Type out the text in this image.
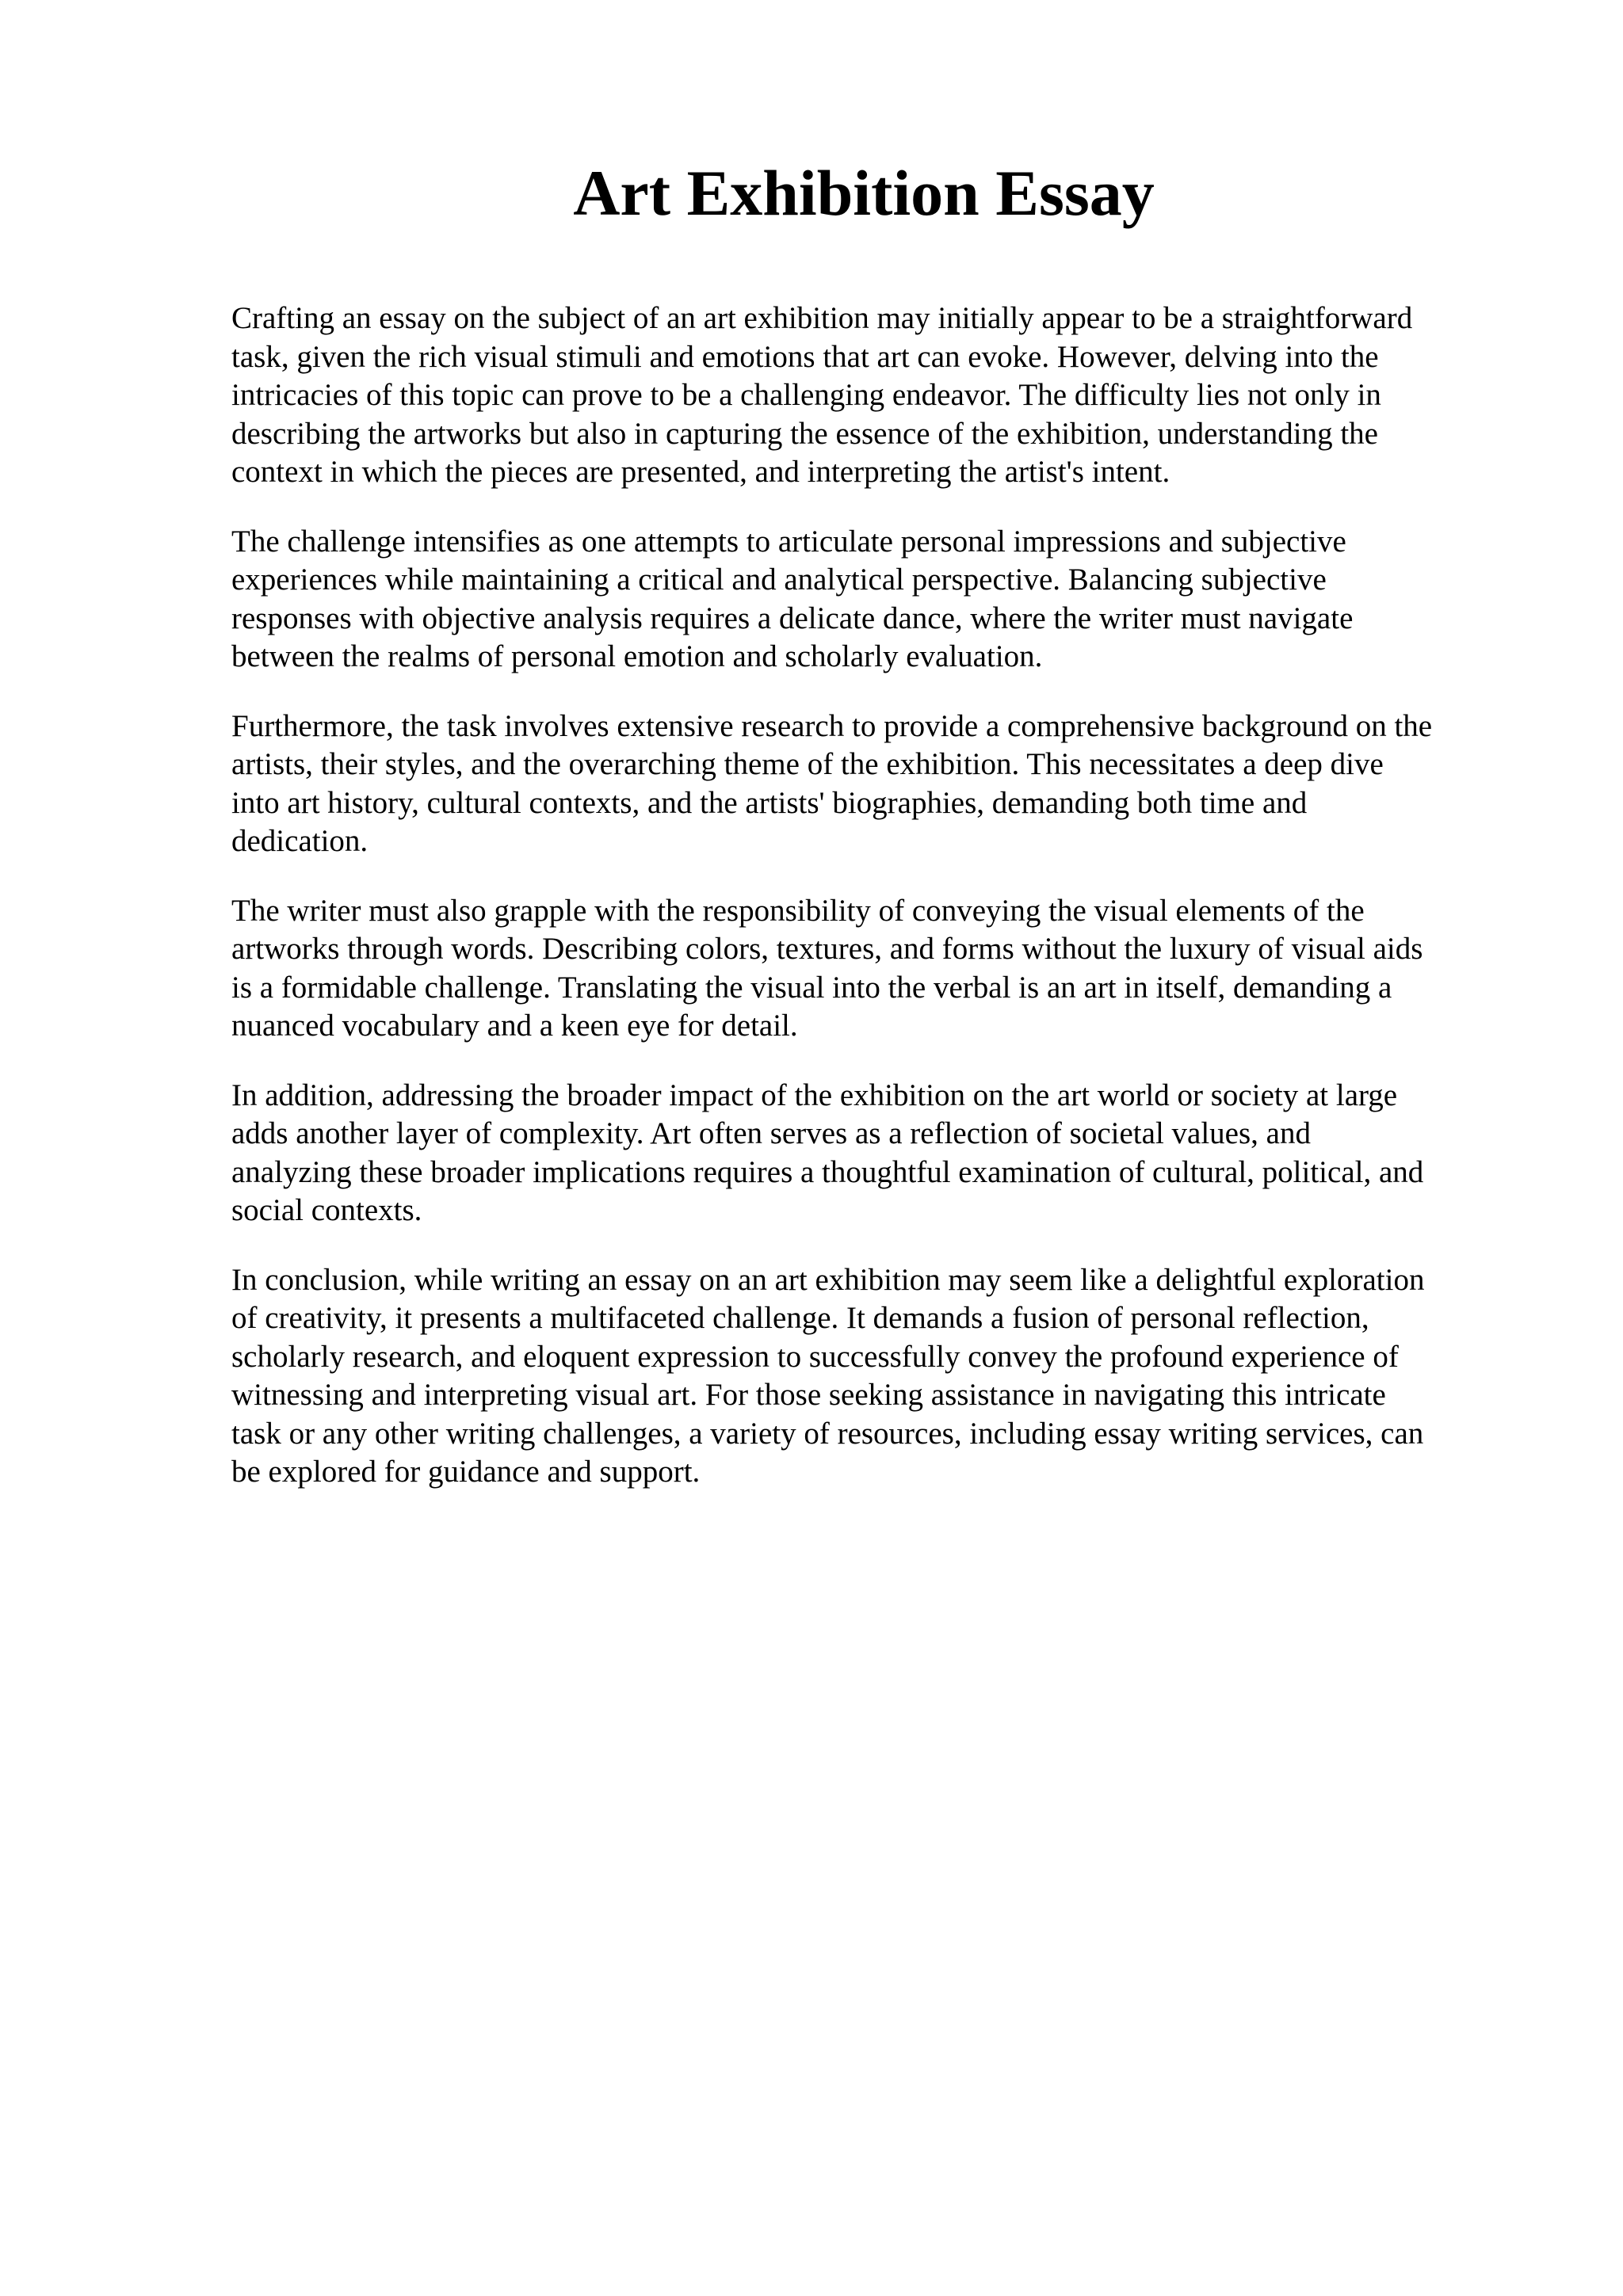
Art Exhibition Essay

Crafting an essay on the subject of an art exhibition may initially appear to be a straightforward
task, given the rich visual stimuli and emotions that art can evoke. However, delving into the
intricacies of this topic can prove to be a challenging endeavor. The difficulty lies not only in
describing the artworks but also in capturing the essence of the exhibition, understanding the
context in which the pieces are presented, and interpreting the artist's intent.

The challenge intensifies as one attempts to articulate personal impressions and subjective
experiences while maintaining a critical and analytical perspective. Balancing subjective
responses with objective analysis requires a delicate dance, where the writer must navigate
between the realms of personal emotion and scholarly evaluation.

Furthermore, the task involves extensive research to provide a comprehensive background on the
artists, their styles, and the overarching theme of the exhibition. This necessitates a deep dive
into art history, cultural contexts, and the artists' biographies, demanding both time and
dedication.

The writer must also grapple with the responsibility of conveying the visual elements of the
artworks through words. Describing colors, textures, and forms without the luxury of visual aids
is a formidable challenge. Translating the visual into the verbal is an art in itself, demanding a
nuanced vocabulary and a keen eye for detail.

In addition, addressing the broader impact of the exhibition on the art world or society at large
adds another layer of complexity. Art often serves as a reflection of societal values, and
analyzing these broader implications requires a thoughtful examination of cultural, political, and
social contexts.

In conclusion, while writing an essay on an art exhibition may seem like a delightful exploration
of creativity, it presents a multifaceted challenge. It demands a fusion of personal reflection,
scholarly research, and eloquent expression to successfully convey the profound experience of
witnessing and interpreting visual art. For those seeking assistance in navigating this intricate
task or any other writing challenges, a variety of resources, including essay writing services, can
be explored for guidance and support.
